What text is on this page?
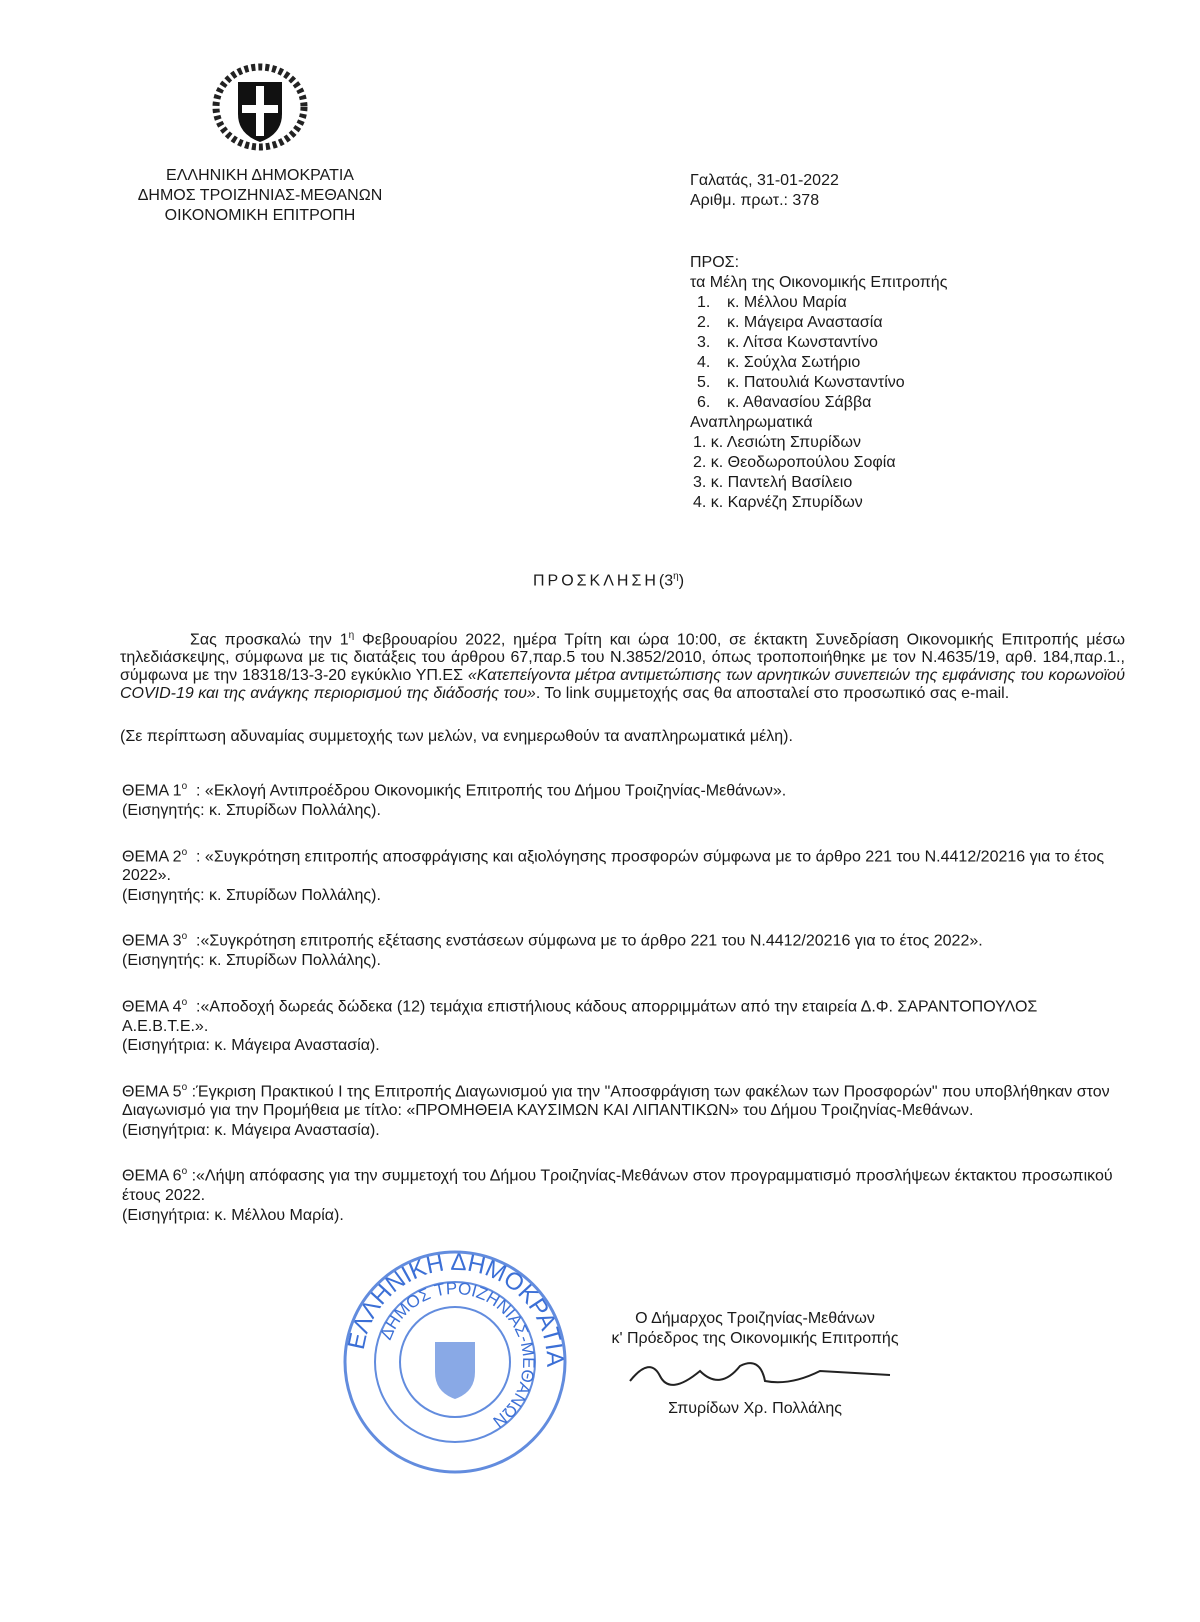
ΕΛΛΗΝΙΚΗ ΔΗΜΟΚΡΑΤΙΑ
ΔΗΜΟΣ ΤΡΟΙΖΗΝΙΑΣ-ΜΕΘΑΝΩΝ
ΟΙΚΟΝΟΜΙΚΗ ΕΠΙΤΡΟΠΗ
Γαλατάς, 31-01-2022
Αριθμ. πρωτ.: 378
ΠΡΟΣ:
τα Μέλη της Οικονομικής Επιτροπής
1. κ. Μέλλου Μαρία
2. κ. Μάγειρα Αναστασία
3. κ. Λίτσα Κωνσταντίνο
4. κ. Σούχλα Σωτήριο
5. κ. Πατουλιά Κωνσταντίνο
6. κ. Αθανασίου Σάββα
Αναπληρωματικά
1. κ. Λεσιώτη Σπυρίδων
2. κ. Θεοδωροπούλου Σοφία
3. κ. Παντελή Βασίλειο
4. κ. Καρνέζη Σπυρίδων
$\Pi PO\Sigma K\Lambda H\Sigma H(3^\eta)$
Σας προσκαλώ την $1^\eta$ Φεβρουαρίου 2022, ημέρα Τρίτη και ώρα 10:00, σε έκτακτη Συνεδρίαση Οικονομικής Επιτροπής μέσω τηλεδιάσκεψης, σύμφωνα με τις διατάξεις του άρθρου 67,παρ.5 του Ν.3852/2010, όπως τροποποιήθηκε με τον Ν.4635/19, αρθ. 184,παρ.1., σύμφωνα με την 18318/13-3-20 εγκύκλιο ΥΠ.ΕΣ «Κατεπείγοντα μέτρα αντιμετώπισης των αρνητικών συνεπειών της εμφάνισης του κορωνοϊού COVID-19 και της ανάγκης περιορισμού της διάδοσής του». Το link συμμετοχής σας θα αποσταλεί στο προσωπικό σας e-mail.
(Σε περίπτωση αδυναμίας συμμετοχής των μελών, να ενημερωθούν τα αναπληρωματικά μέλη).
ΘΕΜΑ $1^o$  : «Εκλογή Αντιπροέδρου Οικονομικής Επιτροπής του Δήμου Τροιζηνίας-Μεθάνων».
(Εισηγητής: κ. Σπυρίδων Πολλάλης).
ΘΕΜΑ $2^o$  : «Συγκρότηση επιτροπής αποσφράγισης και αξιολόγησης προσφορών σύμφωνα με το άρθρο 221 του Ν.4412/20216 για το έτος 2022».
(Εισηγητής: κ. Σπυρίδων Πολλάλης).
ΘΕΜΑ $3^o$  :«Συγκρότηση επιτροπής εξέτασης ενστάσεων σύμφωνα με το άρθρο 221 του Ν.4412/20216 για το έτος 2022».
(Εισηγητής: κ. Σπυρίδων Πολλάλης).
ΘΕΜΑ $4^o$  :«Αποδοχή δωρεάς δώδεκα (12) τεμάχια επιστήλιους κάδους απορριμμάτων από την εταιρεία Δ.Φ. ΣΑΡΑΝΤΟΠΟΥΛΟΣ Α.Ε.Β.Τ.Ε.».
(Εισηγήτρια: κ. Μάγειρα Αναστασία).
ΘΕΜΑ $5^o$ :Έγκριση Πρακτικού Ι της Επιτροπής Διαγωνισμού για την "Αποσφράγιση των φακέλων των Προσφορών" που υποβλήθηκαν στον Διαγωνισμό για την Προμήθεια με τίτλο: «ΠΡΟΜΗΘΕΙΑ ΚΑΥΣΙΜΩΝ ΚΑΙ ΛΙΠΑΝΤΙΚΩΝ» του Δήμου Τροιζηνίας-Μεθάνων.
(Εισηγήτρια: κ. Μάγειρα Αναστασία).
ΘΕΜΑ $6^o$ :«Λήψη απόφασης για την συμμετοχή του Δήμου Τροιζηνίας-Μεθάνων στον προγραμματισμό προσλήψεων έκτακτου προσωπικού έτους 2022.
(Εισηγήτρια: κ. Μέλλου Μαρία).
ΕΛΛΗΝΙΚΗ ΔΗΜΟΚΡΑΤΙΑ
ΔΗΜΟΣ ΤΡΟΙΖΗΝΙΑΣ-ΜΕΘΑΝΩΝ
Ο Δήμαρχος Τροιζηνίας-Μεθάνων
κ' Πρόεδρος της Οικονομικής Επιτροπής
Σπυρίδων Χρ. Πολλάλης
